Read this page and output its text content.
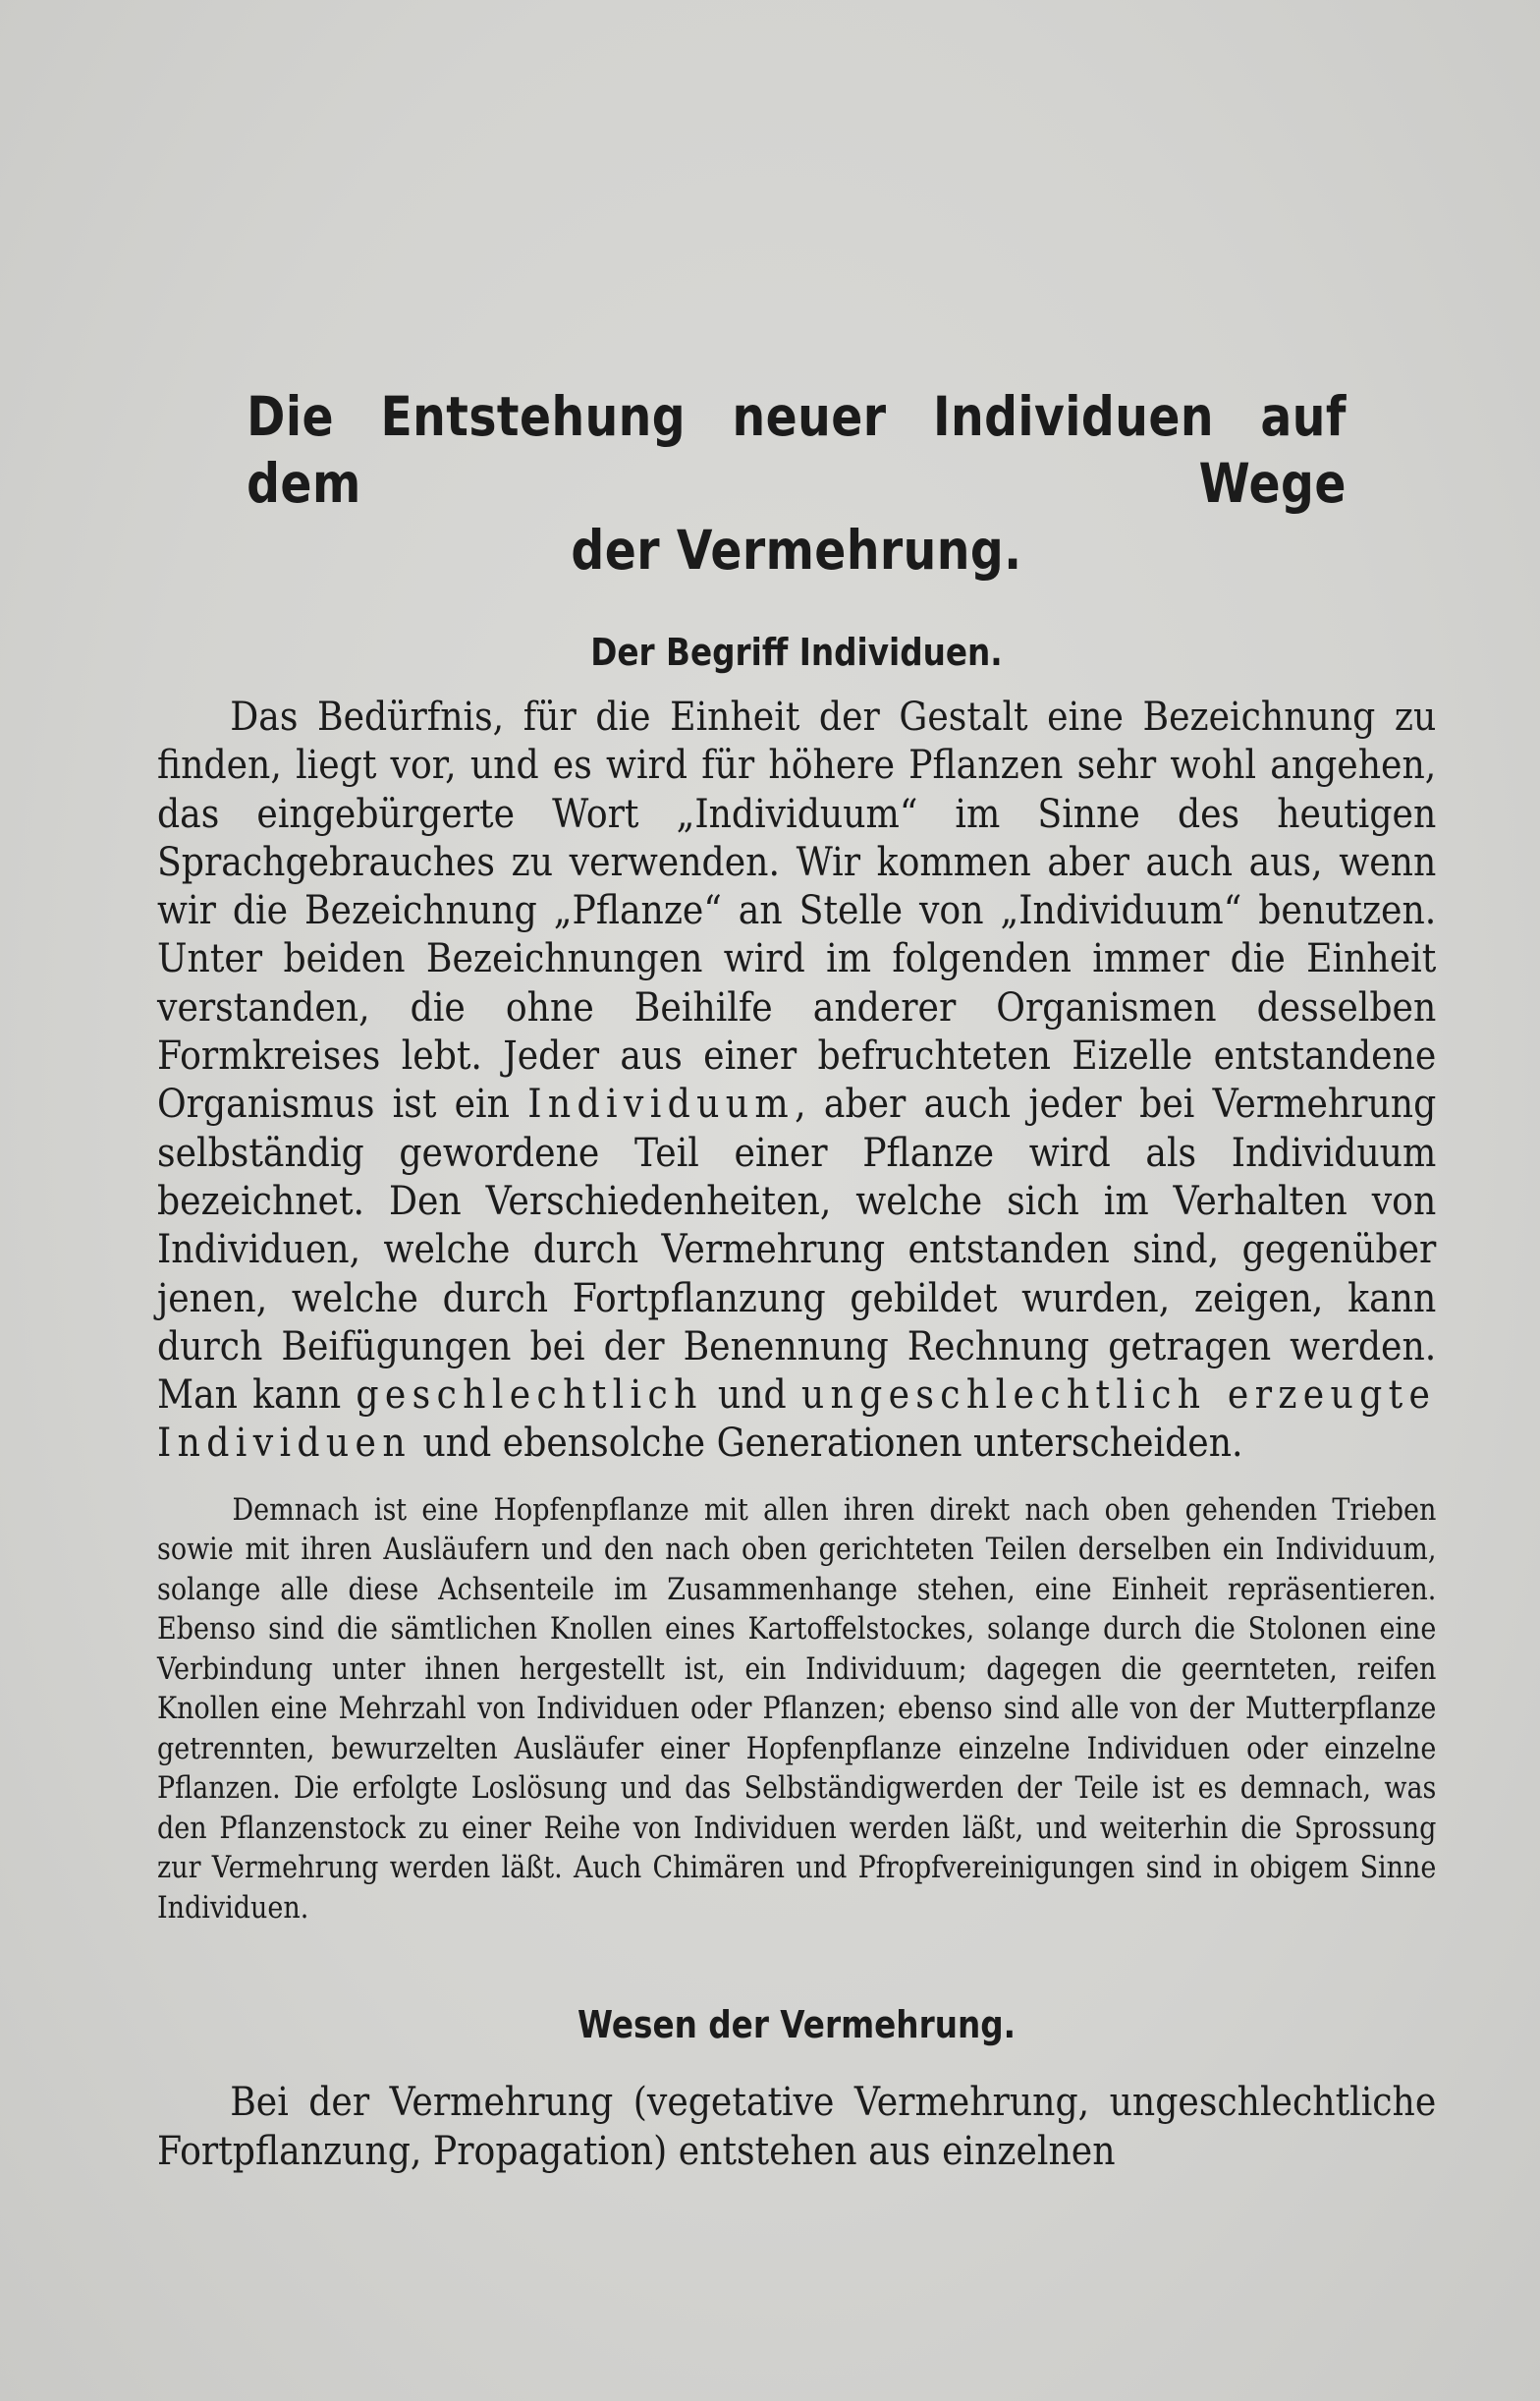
Die Entstehung neuer Individuen auf dem Wege
der Vermehrung.
Der Begriff Individuen.

Das Bedürfnis, für die Einheit der Gestalt eine Bezeichnung zu finden, liegt vor, und es wird für höhere Pflanzen sehr wohl angehen, das eingebürgerte Wort „Individuum“ im Sinne des heutigen Sprachgebrauches zu verwenden. Wir kommen aber auch aus, wenn wir die Bezeichnung „Pflanze“ an Stelle von „Individuum“ benutzen. Unter beiden Bezeichnungen wird im folgenden immer die Einheit verstanden, die ohne Beihilfe anderer Organismen desselben Formkreises lebt. Jeder aus einer befruchteten Eizelle entstandene Organismus ist ein Individuum, aber auch jeder bei Vermehrung selbständig gewordene Teil einer Pflanze wird als Individuum bezeichnet. Den Verschiedenheiten, welche sich im Verhalten von Individuen, welche durch Vermehrung entstanden sind, gegenüber jenen, welche durch Fortpflanzung gebildet wurden, zeigen, kann durch Beifügungen bei der Benennung Rechnung getragen werden. Man kann geschlechtlich und ungeschlechtlich erzeugte Individuen und ebensolche Generationen unterscheiden.

Demnach ist eine Hopfenpflanze mit allen ihren direkt nach oben gehenden Trieben sowie mit ihren Ausläufern und den nach oben gerichteten Teilen derselben ein Individuum, solange alle diese Achsenteile im Zusammenhange stehen, eine Einheit repräsentieren. Ebenso sind die sämtlichen Knollen eines Kartoffelstockes, solange durch die Stolonen eine Verbindung unter ihnen hergestellt ist, ein Individuum; dagegen die geernteten, reifen Knollen eine Mehrzahl von Individuen oder Pflanzen; ebenso sind alle von der Mutterpflanze getrennten, bewurzelten Ausläufer einer Hopfenpflanze einzelne Individuen oder einzelne Pflanzen. Die erfolgte Loslösung und das Selbständigwerden der Teile ist es demnach, was den Pflanzenstock zu einer Reihe von Individuen werden läßt, und weiterhin die Sprossung zur Vermehrung werden läßt. Auch Chimären und Pfropfvereinigungen sind in obigem Sinne Individuen.

Wesen der Vermehrung.

Bei der Vermehrung (vegetative Vermehrung, ungeschlechtliche Fortpflanzung, Propagation) entstehen aus einzelnen
